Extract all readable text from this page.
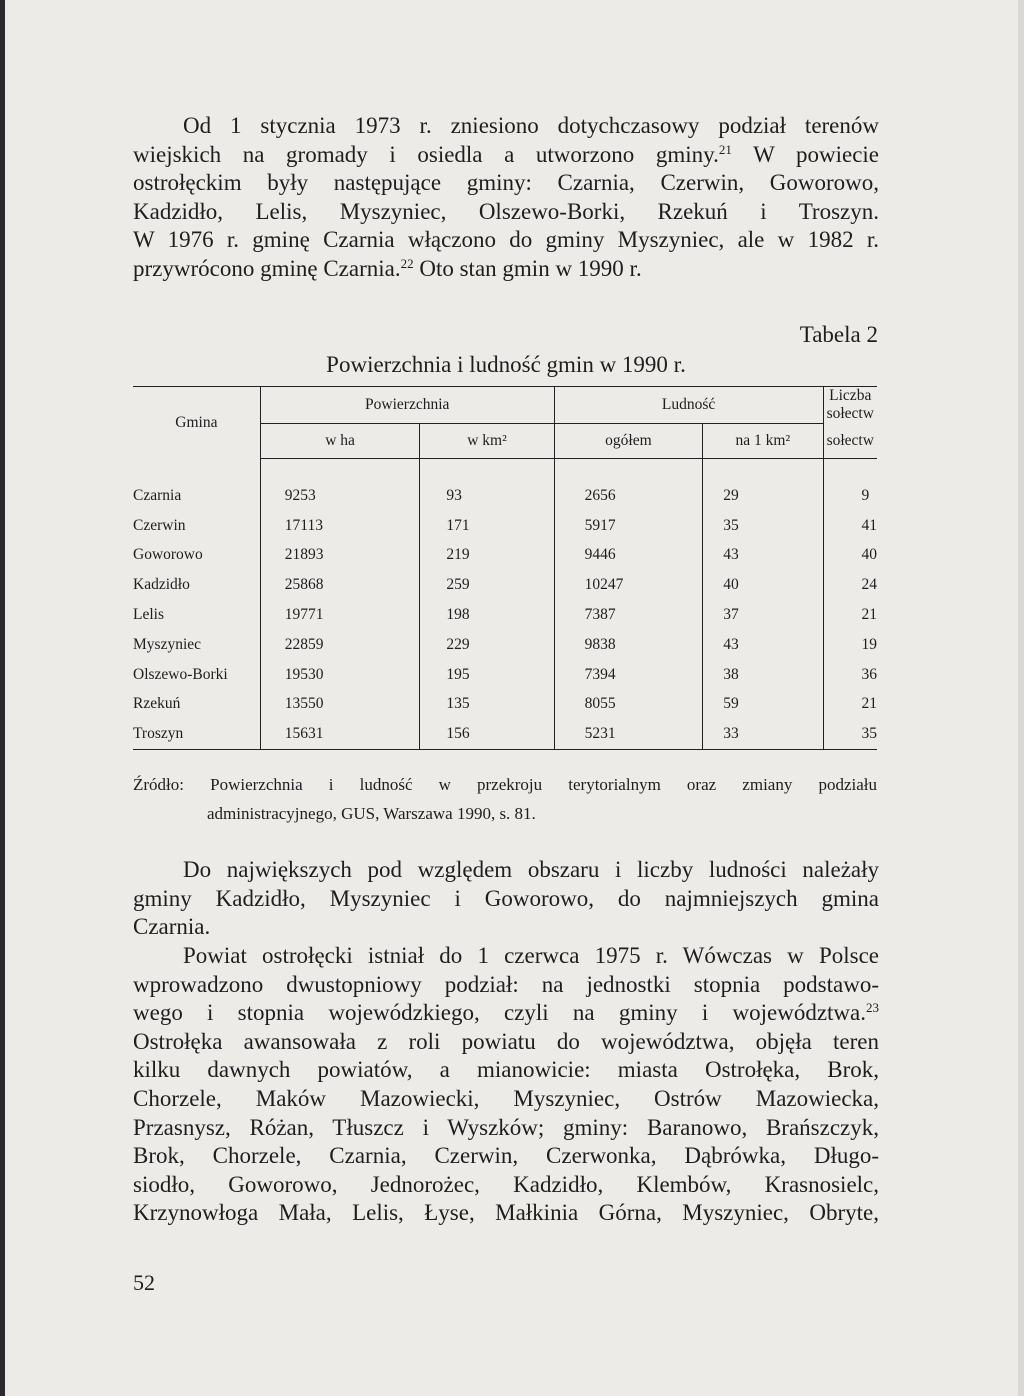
Od 1 stycznia 1973 r. zniesiono dotychczasowy podział terenów
wiejskich na gromady i osiedla a utworzono gminy.$^{21}$ W powiecie
ostrołęckim były następujące gminy: Czarnia, Czerwin, Goworowo,
Kadzidło, Lelis, Myszyniec, Olszewo-Borki, Rzekuń i Troszyn.
W 1976 r. gminę Czarnia włączono do gminy Myszyniec, ale w 1982 r.
przywrócono gminę Czarnia.$^{22}$ Oto stan gmin w 1990 r.
Tabela 2
Powierzchnia i ludność gmin w 1990 r.
Gmina	Powierzchnia		Ludność		Liczba sołectw
	w ha	w km²	ogółem	na 1 km²	sołectw

Czarnia	9253	93	2656	29	9
Czerwin	17113	171	5917	35	41
Goworowo	21893	219	9446	43	40
Kadzidło	25868	259	10247	40	24
Lelis	19771	198	7387	37	21
Myszyniec	22859	229	9838	43	19
Olszewo-Borki	19530	195	7394	38	36
Rzekuń	13550	135	8055	59	21
Troszyn	15631	156	5231	33	35
Źródło: Powierzchnia i ludność w przekroju terytorialnym oraz zmiany podziału
administracyjnego, GUS, Warszawa 1990, s. 81.
Do największych pod względem obszaru i liczby ludności należały
gminy Kadzidło, Myszyniec i Goworowo, do najmniejszych gmina
Czarnia.
Powiat ostrołęcki istniał do 1 czerwca 1975 r. Wówczas w Polsce
wprowadzono dwustopniowy podział: na jednostki stopnia podstawo-
wego i stopnia wojewódzkiego, czyli na gminy i województwa.$^{23}$
Ostrołęka awansowała z roli powiatu do województwa, objęła teren
kilku dawnych powiatów, a mianowicie: miasta Ostrołęka, Brok,
Chorzele, Maków Mazowiecki, Myszyniec, Ostrów Mazowiecka,
Przasnysz, Różan, Tłuszcz i Wyszków; gminy: Baranowo, Brańszczyk,
Brok, Chorzele, Czarnia, Czerwin, Czerwonka, Dąbrówka, Długo-
siodło, Goworowo, Jednorożec, Kadzidło, Klembów, Krasnosielc,
Krzynowłoga Mała, Lelis, Łyse, Małkinia Górna, Myszyniec, Obryte,
52
